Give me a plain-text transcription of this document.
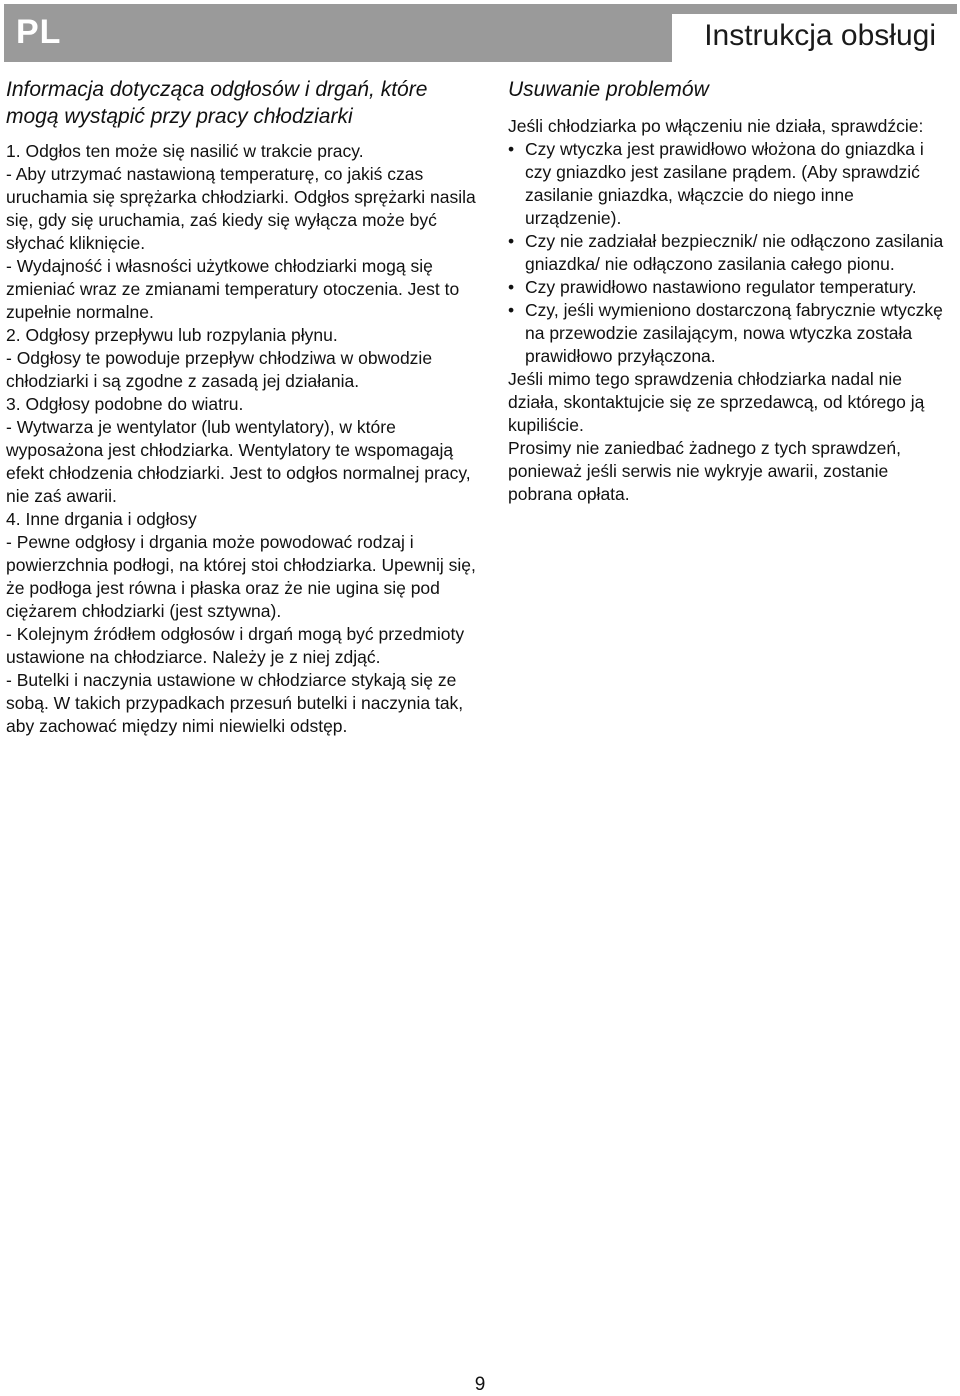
PL	Instrukcja obsługi
Informacja dotycząca odgłosów i drgań, które mogą wystąpić przy pracy chłodziarki

1. Odgłos ten może się nasilić w trakcie pracy.

- Aby utrzymać nastawioną temperaturę, co jakiś czas uruchamia się sprężarka chłodziarki. Odgłos sprężarki nasila się, gdy się uruchamia, zaś kiedy się wyłącza może być słychać kliknięcie.

- Wydajność i własności użytkowe chłodziarki mogą się zmieniać wraz ze zmianami temperatury otoczenia. Jest to zupełnie normalne.

2. Odgłosy przepływu lub rozpylania płynu.

- Odgłosy te powoduje przepływ chłodziwa w obwodzie chłodziarki i są zgodne z zasadą jej działania.

3. Odgłosy podobne do wiatru.

- Wytwarza je wentylator (lub wentylatory), w które wyposażona jest chłodziarka. Wentylatory te wspomagają efekt chłodzenia chłodziarki. Jest to odgłos normalnej pracy, nie zaś awarii.

4. Inne drgania i odgłosy

- Pewne odgłosy i drgania może powodować rodzaj i powierzchnia podłogi, na której stoi chłodziarka. Upewnij się, że podłoga jest równa i płaska oraz że nie ugina się pod ciężarem chłodziarki (jest sztywna).

- Kolejnym źródłem odgłosów i drgań mogą być przedmioty ustawione na chłodziarce. Należy je z niej zdjąć.

- Butelki i naczynia ustawione w chłodziarce stykają się ze sobą. W takich przypadkach przesuń butelki i naczynia tak, aby zachować między nimi niewielki odstęp.

Usuwanie problemów

Jeśli chłodziarka po włączeniu nie działa, sprawdźcie:

• Czy wtyczka jest prawidłowo włożona do gniazdka i czy gniazdko jest zasilane prądem. (Aby sprawdzić zasilanie gniazdka, włączcie do niego inne urządzenie).

• Czy nie zadziałał bezpiecznik/ nie odłączono zasilania gniazdka/ nie odłączono zasilania całego pionu.

• Czy prawidłowo nastawiono regulator temperatury.

• Czy, jeśli wymieniono dostarczoną fabrycznie wtyczkę na przewodzie zasilającym, nowa wtyczka została prawidłowo przyłączona.

Jeśli mimo tego sprawdzenia chłodziarka nadal nie działa, skontaktujcie się ze sprzedawcą, od którego ją kupiliście.

Prosimy nie zaniedbać żadnego z tych sprawdzeń, ponieważ jeśli serwis nie wykryje awarii, zostanie pobrana opłata.

9
